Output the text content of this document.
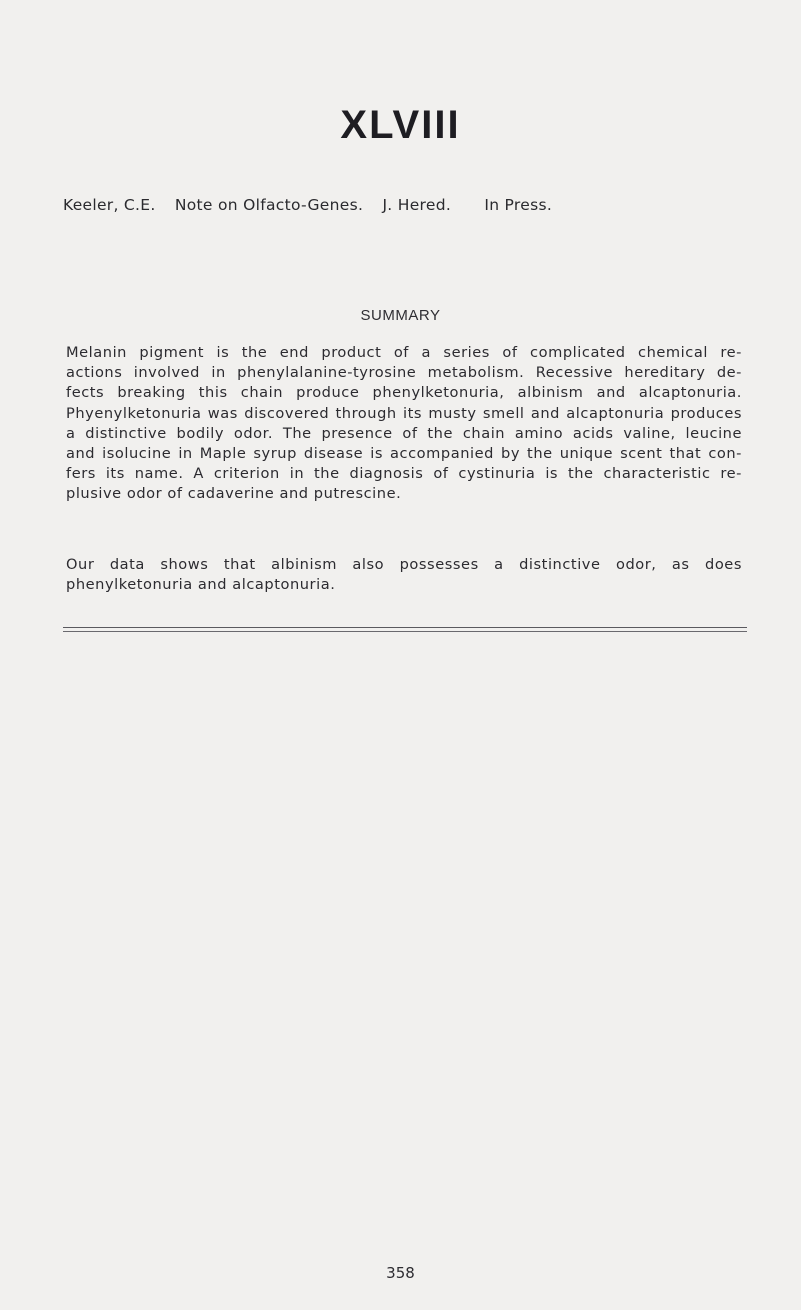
XLVIII
Keeler, C.E. Note on Olfacto-Genes. J. Hered. In Press.
SUMMARY
Melanin pigment is the end product of a series of complicated chemical re-
actions involved in phenylalanine-tyrosine metabolism. Recessive hereditary de-
fects breaking this chain produce phenylketonuria, albinism and alcaptonuria.
Phyenylketonuria was discovered through its musty smell and alcaptonuria produces
a distinctive bodily odor. The presence of the chain amino acids valine, leucine
and isolucine in Maple syrup disease is accompanied by the unique scent that con-
fers its name. A criterion in the diagnosis of cystinuria is the characteristic re-
plusive odor of cadaverine and putrescine.
Our data shows that albinism also possesses a distinctive odor, as does
phenylketonuria and alcaptonuria.
358
